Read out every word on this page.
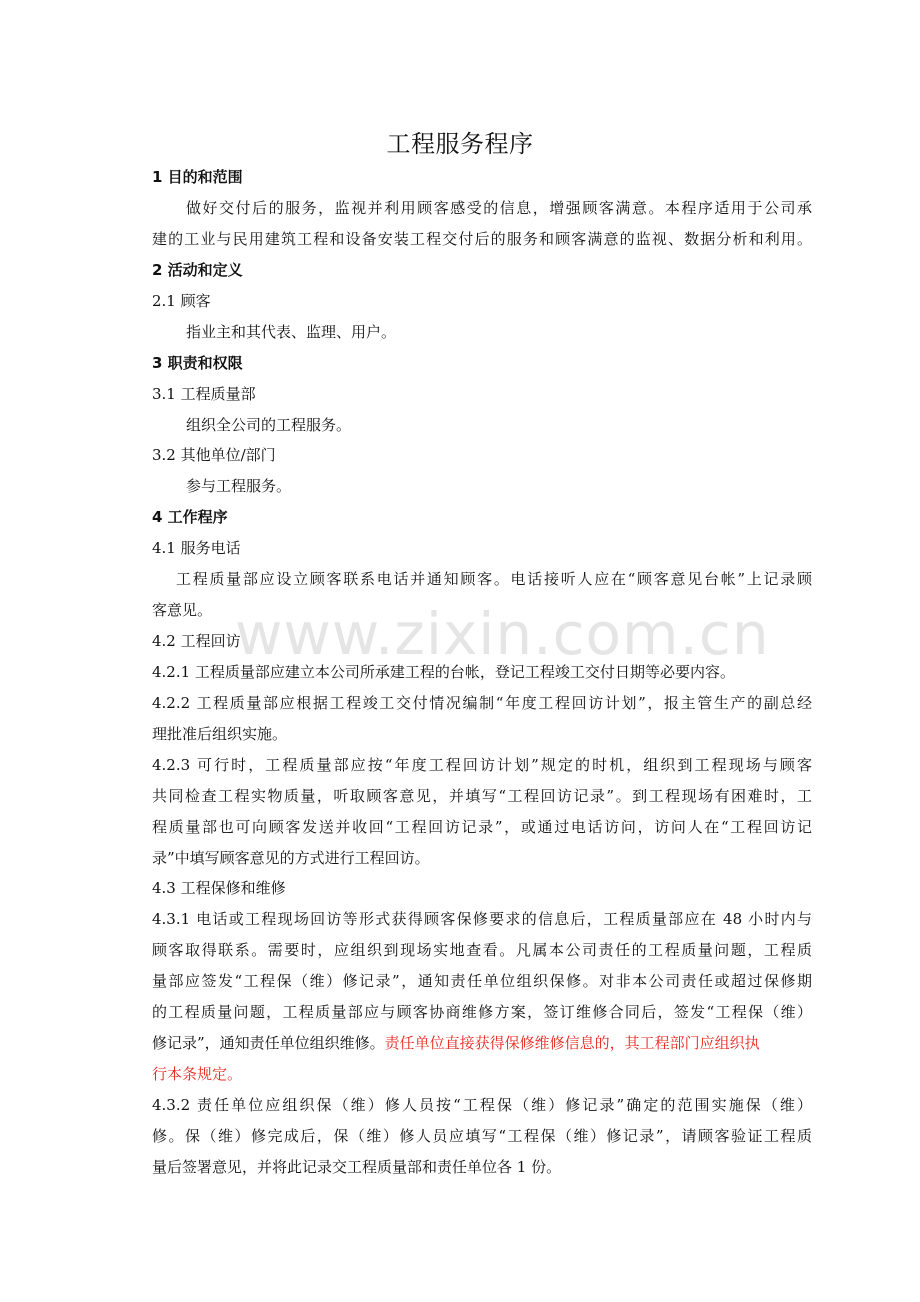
www.zixin.com.cn
工程服务程序
1 目的和范围
做好交付后的服务，监视并利用顾客感受的信息，增强顾客满意。本程序适用于公司承
建的工业与民用建筑工程和设备安装工程交付后的服务和顾客满意的监视、数据分析和利用。
2 活动和定义
2.1 顾客
指业主和其代表、监理、用户。
3 职责和权限
3.1 工程质量部
组织全公司的工程服务。
3.2 其他单位/部门
参与工程服务。
4 工作程序
4.1 服务电话
工程质量部应设立顾客联系电话并通知顾客。电话接听人应在“顾客意见台帐”上记录顾
客意见。
4.2 工程回访
4.2.1 工程质量部应建立本公司所承建工程的台帐，登记工程竣工交付日期等必要内容。
4.2.2 工程质量部应根据工程竣工交付情况编制“年度工程回访计划”，报主管生产的副总经
理批准后组织实施。
4.2.3 可行时，工程质量部应按“年度工程回访计划”规定的时机，组织到工程现场与顾客
共同检查工程实物质量，听取顾客意见，并填写“工程回访记录”。到工程现场有困难时，工
程质量部也可向顾客发送并收回“工程回访记录”，或通过电话访问，访问人在“工程回访记
录”中填写顾客意见的方式进行工程回访。
4.3 工程保修和维修
4.3.1 电话或工程现场回访等形式获得顾客保修要求的信息后，工程质量部应在 48 小时内与
顾客取得联系。需要时，应组织到现场实地查看。凡属本公司责任的工程质量问题，工程质
量部应签发“工程保（维）修记录”，通知责任单位组织保修。对非本公司责任或超过保修期
的工程质量问题，工程质量部应与顾客协商维修方案，签订维修合同后，签发“工程保（维）
修记录”，通知责任单位组织维修。责任单位直接获得保修维修信息的，其工程部门应组织执
行本条规定。
4.3.2 责任单位应组织保（维）修人员按“工程保（维）修记录”确定的范围实施保（维）
修。保（维）修完成后，保（维）修人员应填写“工程保（维）修记录”，请顾客验证工程质
量后签署意见，并将此记录交工程质量部和责任单位各 1 份。
